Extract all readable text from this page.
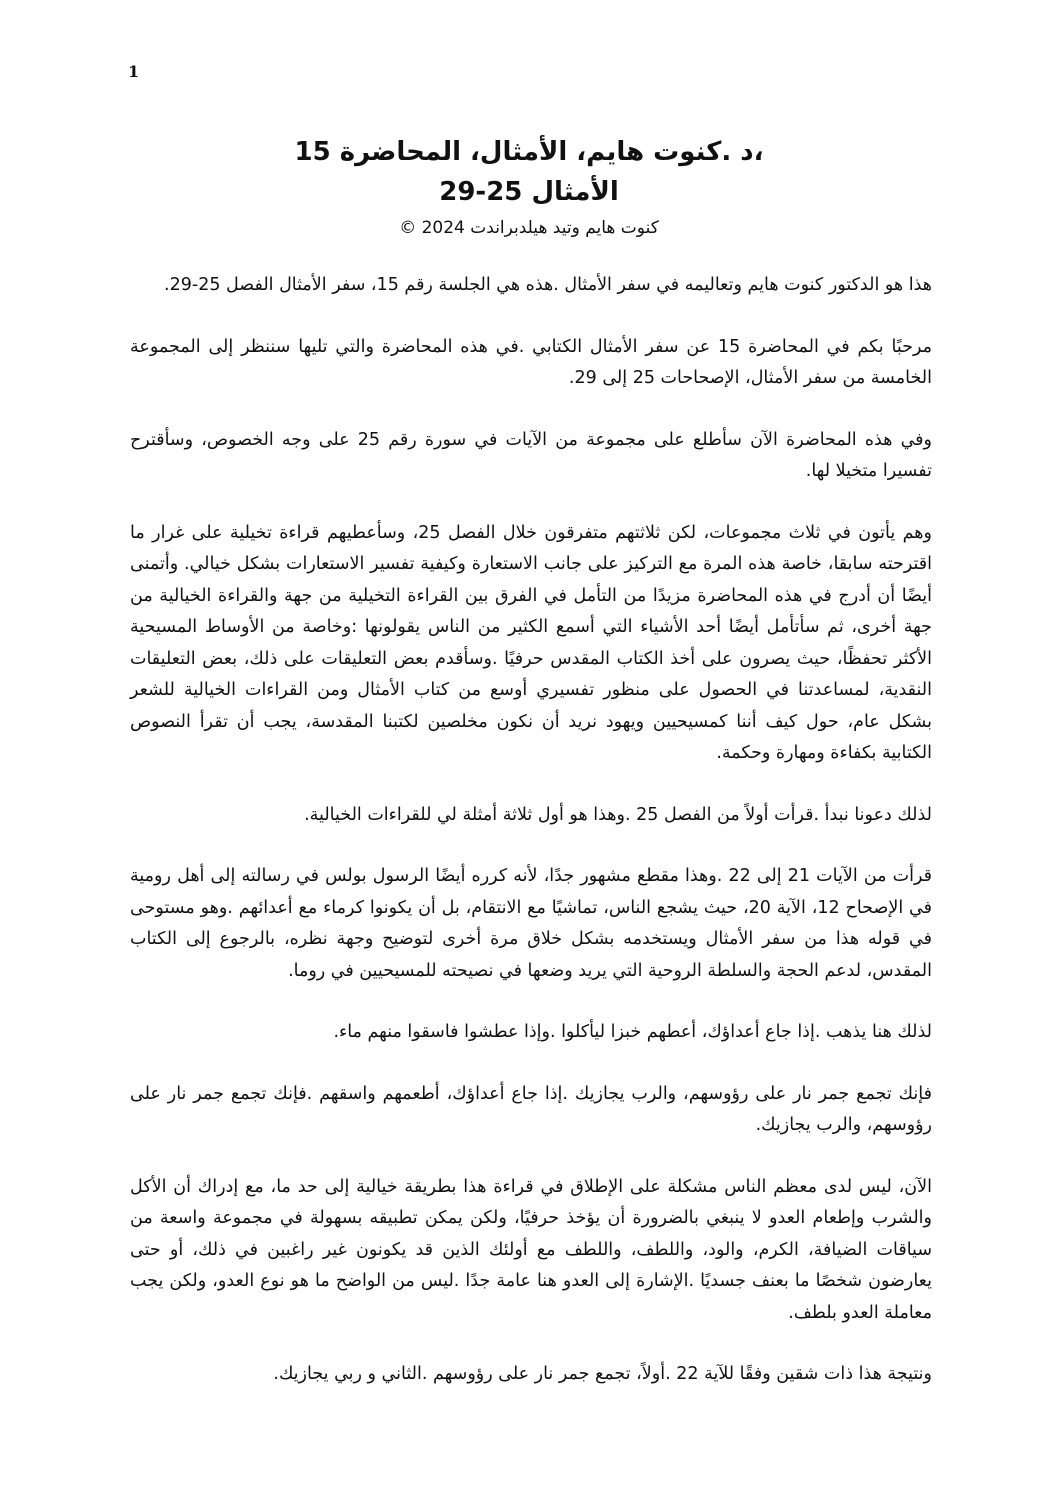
1

،د .كنوت هايم، الأمثال، المحاضرة 15

الأمثال 25-29

كنوت هايم وتيد هيلدبراندت 2024 ©

هذا هو الدكتور كنوت هايم وتعاليمه في سفر الأمثال .هذه هي الجلسة رقم 15، سفر الأمثال الفصل 25-29.

مرحبًا بكم في المحاضرة 15 عن سفر الأمثال الكتابي .في هذه المحاضرة والتي تليها سننظر إلى المجموعة الخامسة من سفر الأمثال، الإصحاحات 25 إلى 29.

وفي هذه المحاضرة الآن سأطلع على مجموعة من الآيات في سورة رقم 25 على وجه الخصوص، وسأقترح تفسيرا متخيلا لها.

وهم يأتون في ثلاث مجموعات، لكن ثلاثتهم متفرقون خلال الفصل 25، وسأعطيهم قراءة تخيلية على غرار ما اقترحته سابقا، خاصة هذه المرة مع التركيز على جانب الاستعارة وكيفية تفسير الاستعارات بشكل خيالي. وأتمنى أيضًا أن أدرج في هذه المحاضرة مزيدًا من التأمل في الفرق بين القراءة التخيلية من جهة والقراءة الخيالية من جهة أخرى، ثم سأتأمل أيضًا أحد الأشياء التي أسمع الكثير من الناس يقولونها :وخاصة من الأوساط المسيحية الأكثر تحفظًا، حيث يصرون على أخذ الكتاب المقدس حرفيًا .وسأقدم بعض التعليقات على ذلك، بعض التعليقات النقدية، لمساعدتنا في الحصول على منظور تفسيري أوسع من كتاب الأمثال ومن القراءات الخيالية للشعر بشكل عام، حول كيف أننا كمسيحيين ويهود نريد أن نكون مخلصين لكتبنا المقدسة، يجب أن تقرأ النصوص الكتابية بكفاءة ومهارة وحكمة.

لذلك دعونا نبدأ .قرأت أولاً من الفصل 25 .وهذا هو أول ثلاثة أمثلة لي للقراءات الخيالية.

قرأت من الآيات 21 إلى 22 .وهذا مقطع مشهور جدًا، لأنه كرره أيضًا الرسول بولس في رسالته إلى أهل رومية في الإصحاح 12، الآية 20، حيث يشجع الناس، تماشيًا مع الانتقام، بل أن يكونوا كرماء مع أعدائهم .وهو مستوحى في قوله هذا من سفر الأمثال ويستخدمه بشكل خلاق مرة أخرى لتوضيح وجهة نظره، بالرجوع إلى الكتاب المقدس، لدعم الحجة والسلطة الروحية التي يريد وضعها في نصيحته للمسيحيين في روما.

لذلك هنا يذهب .إذا جاع أعداؤك، أعطهم خبزا ليأكلوا .وإذا عطشوا فاسقوا منهم ماء.

فإنك تجمع جمر نار على رؤوسهم، والرب يجازيك .إذا جاع أعداؤك، أطعمهم واسقهم .فإنك تجمع جمر نار على رؤوسهم، والرب يجازيك.

الآن، ليس لدى معظم الناس مشكلة على الإطلاق في قراءة هذا بطريقة خيالية إلى حد ما، مع إدراك أن الأكل والشرب وإطعام العدو لا ينبغي بالضرورة أن يؤخذ حرفيًا، ولكن يمكن تطبيقه بسهولة في مجموعة واسعة من سياقات الضيافة، الكرم، والود، واللطف، واللطف مع أولئك الذين قد يكونون غير راغبين في ذلك، أو حتى يعارضون شخصًا ما بعنف جسديًا .الإشارة إلى العدو هنا عامة جدًا .ليس من الواضح ما هو نوع العدو، ولكن يجب معاملة العدو بلطف.

ونتيجة هذا ذات شقين وفقًا للآية 22 .أولاً، تجمع جمر نار على رؤوسهم .الثاني و ربي يجازيك.
